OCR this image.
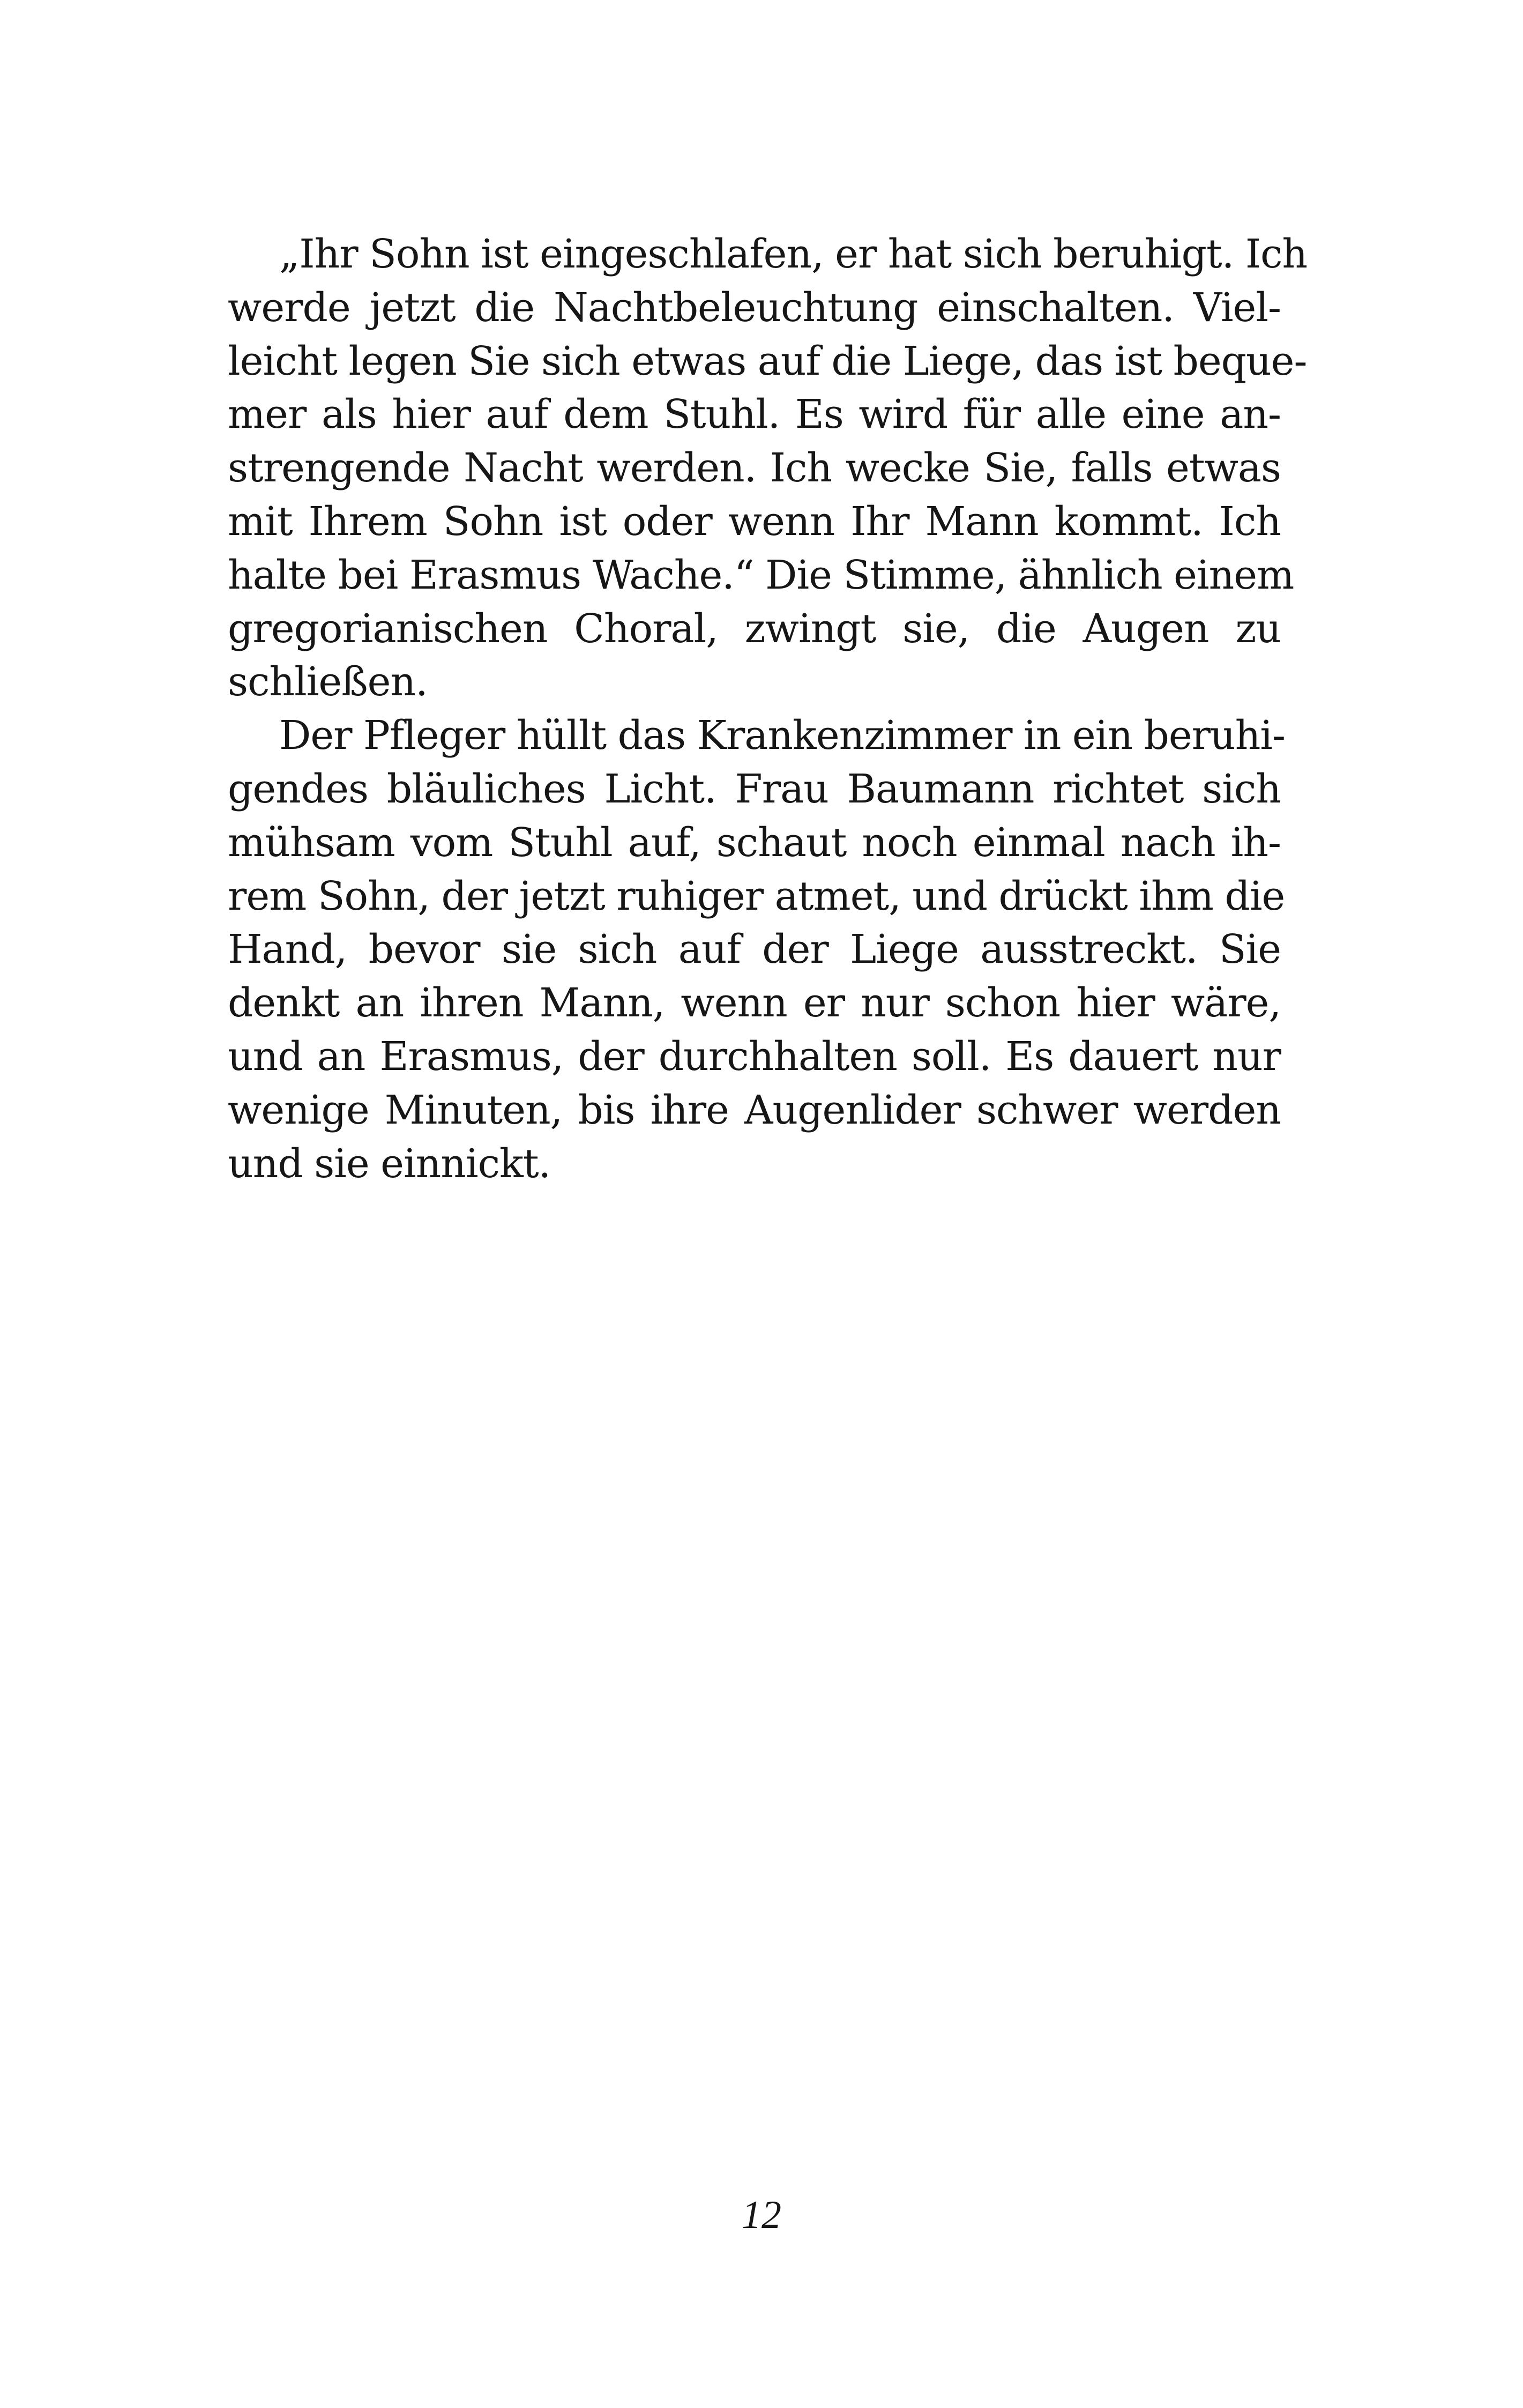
„Ihr Sohn ist eingeschlafen, er hat sich beruhigt. Ich
werde jetzt die Nachtbeleuchtung einschalten. Viel-
leicht legen Sie sich etwas auf die Liege, das ist beque-
mer als hier auf dem Stuhl. Es wird für alle eine an-
strengende Nacht werden. Ich wecke Sie, falls etwas
mit Ihrem Sohn ist oder wenn Ihr Mann kommt. Ich
halte bei Erasmus Wache.“ Die Stimme, ähnlich einem
gregorianischen Choral, zwingt sie, die Augen zu
schließen.
Der Pfleger hüllt das Krankenzimmer in ein beruhi-
gendes bläuliches Licht. Frau Baumann richtet sich
mühsam vom Stuhl auf, schaut noch einmal nach ih-
rem Sohn, der jetzt ruhiger atmet, und drückt ihm die
Hand, bevor sie sich auf der Liege ausstreckt. Sie
denkt an ihren Mann, wenn er nur schon hier wäre,
und an Erasmus, der durchhalten soll. Es dauert nur
wenige Minuten, bis ihre Augenlider schwer werden
und sie einnickt.
12
